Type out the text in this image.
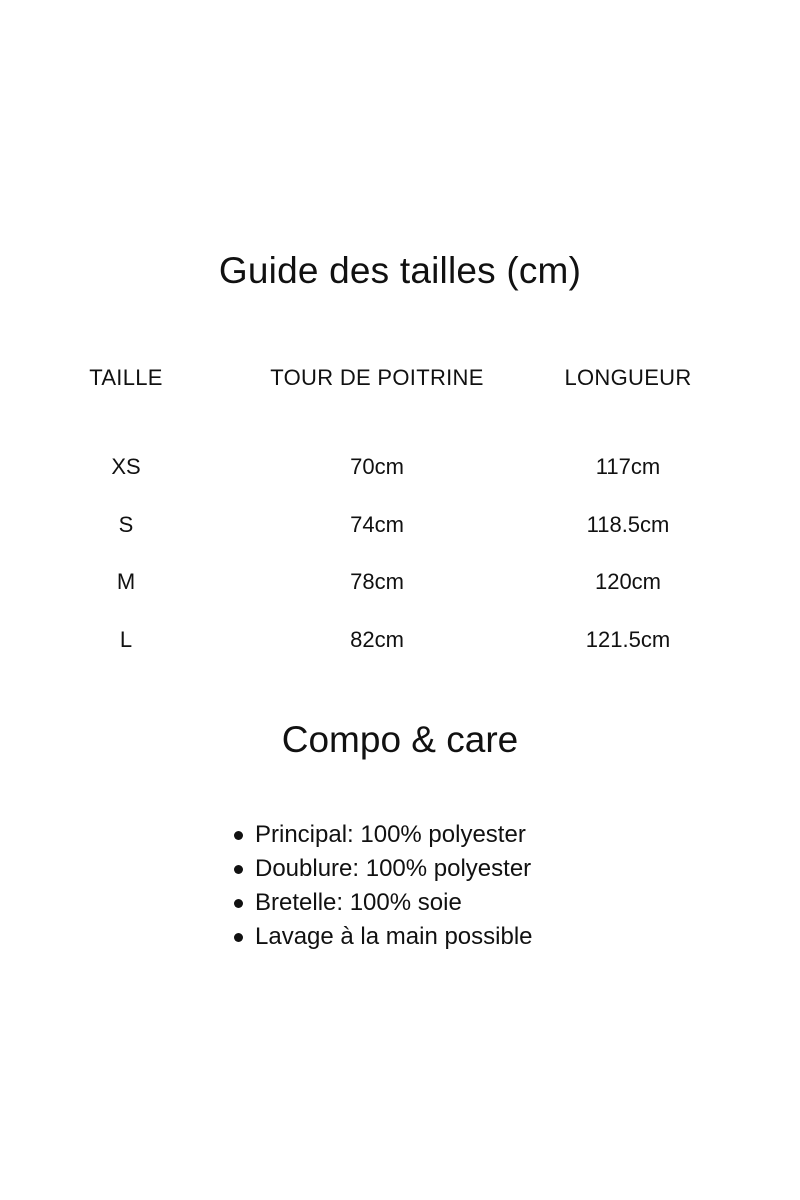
Guide des tailles (cm)
TAILLE	TOUR DE POITRINE	LONGUEUR
XS	70cm	117cm
S	74cm	118.5cm
M	78cm	120cm
L	82cm	121.5cm
Compo & care
Principal: 100% polyester
Doublure: 100% polyester
Bretelle: 100% soie
Lavage à la main possible
